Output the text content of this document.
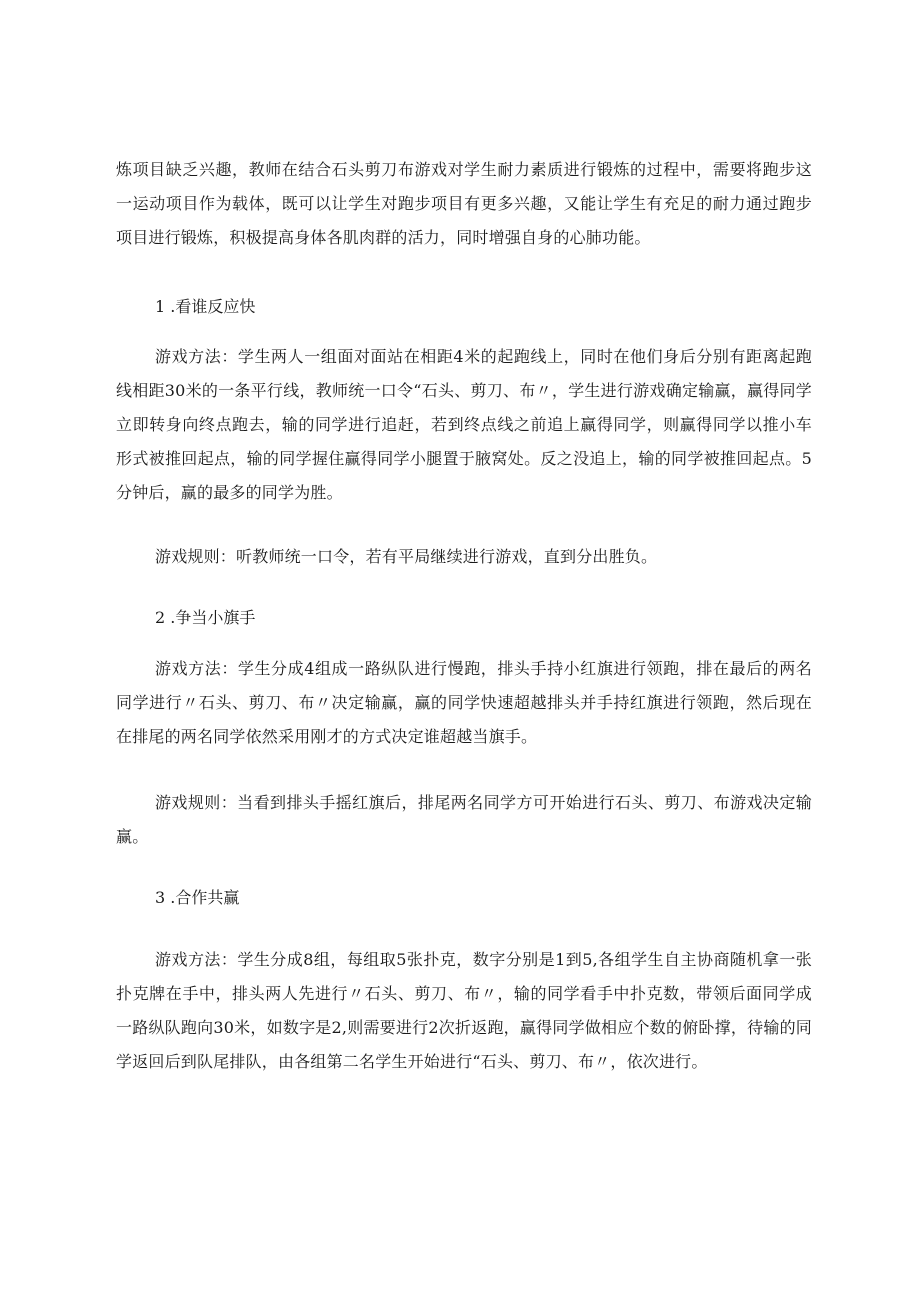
炼项目缺乏兴趣，教师在结合石头剪刀布游戏对学生耐力素质进行锻炼的过程中，需要将跑步这一运动项目作为载体，既可以让学生对跑步项目有更多兴趣，又能让学生有充足的耐力通过跑步项目进行锻炼，积极提高身体各肌肉群的活力，同时增强自身的心肺功能。

1 .看谁反应快

游戏方法：学生两人一组面对面站在相距4米的起跑线上，同时在他们身后分别有距离起跑线相距30米的一条平行线，教师统一口令“石头、剪刀、布〃，学生进行游戏确定输赢，赢得同学立即转身向终点跑去，输的同学进行追赶，若到终点线之前追上赢得同学，则赢得同学以推小车形式被推回起点，输的同学握住赢得同学小腿置于腋窝处。反之没追上，输的同学被推回起点。5分钟后，赢的最多的同学为胜。

游戏规则：听教师统一口令，若有平局继续进行游戏，直到分出胜负。

2 .争当小旗手

游戏方法：学生分成4组成一路纵队进行慢跑，排头手持小红旗进行领跑，排在最后的两名同学进行〃石头、剪刀、布〃决定输赢，赢的同学快速超越排头并手持红旗进行领跑，然后现在在排尾的两名同学依然采用刚才的方式决定谁超越当旗手。

游戏规则：当看到排头手摇红旗后，排尾两名同学方可开始进行石头、剪刀、布游戏决定输赢。

3 .合作共赢

游戏方法：学生分成8组，每组取5张扑克，数字分别是1到5,各组学生自主协商随机拿一张扑克牌在手中，排头两人先进行〃石头、剪刀、布〃，输的同学看手中扑克数，带领后面同学成一路纵队跑向30米，如数字是2,则需要进行2次折返跑，赢得同学做相应个数的俯卧撑，待输的同学返回后到队尾排队，由各组第二名学生开始进行“石头、剪刀、布〃，依次进行。
